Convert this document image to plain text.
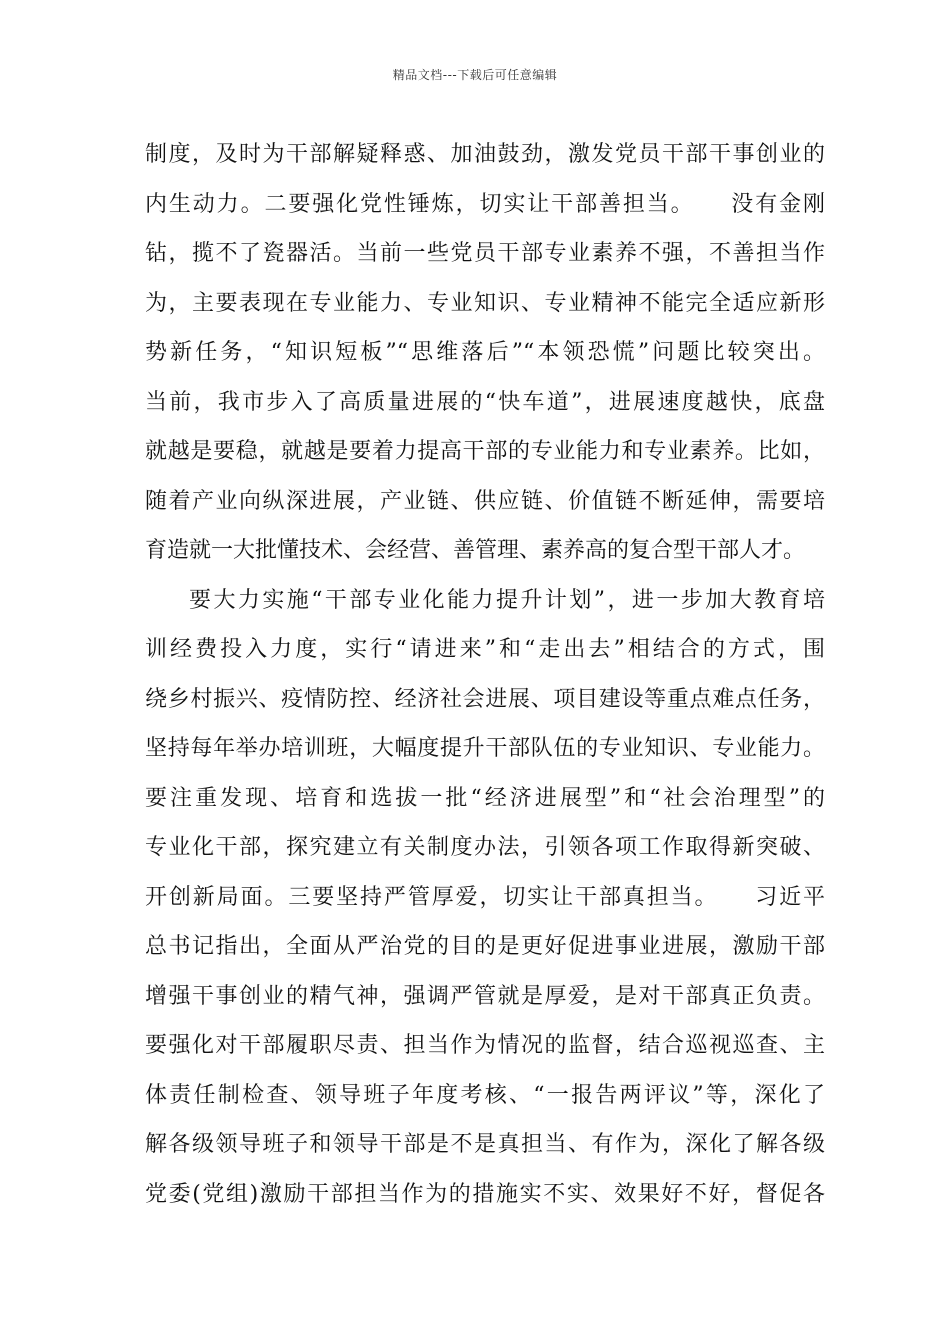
精品文档---下载后可任意编辑
制度，及时为干部解疑释惑、加油鼓劲，激发党员干部干事创业的
内生动力。二要强化党性锤炼，切实让干部善担当。　　没有金刚
钻，揽不了瓷器活。当前一些党员干部专业素养不强，不善担当作
为，主要表现在专业能力、专业知识、专业精神不能完全适应新形
势新任务，“知识短板”“思维落后”“本领恐慌”问题比较突出。
当前，我市步入了高质量进展的“快车道”，进展速度越快，底盘
就越是要稳，就越是要着力提高干部的专业能力和专业素养。比如，
随着产业向纵深进展，产业链、供应链、价值链不断延伸，需要培
育造就一大批懂技术、会经营、善管理、素养高的复合型干部人才。
要大力实施“干部专业化能力提升计划”，进一步加大教育培
训经费投入力度，实行“请进来”和“走出去”相结合的方式，围
绕乡村振兴、疫情防控、经济社会进展、项目建设等重点难点任务，
坚持每年举办培训班，大幅度提升干部队伍的专业知识、专业能力。
要注重发现、培育和选拔一批“经济进展型”和“社会治理型”的
专业化干部，探究建立有关制度办法，引领各项工作取得新突破、
开创新局面。三要坚持严管厚爱，切实让干部真担当。　　习近平
总书记指出，全面从严治党的目的是更好促进事业进展，激励干部
增强干事创业的精气神，强调严管就是厚爱，是对干部真正负责。
要强化对干部履职尽责、担当作为情况的监督，结合巡视巡查、主
体责任制检查、领导班子年度考核、“一报告两评议”等，深化了
解各级领导班子和领导干部是不是真担当、有作为，深化了解各级
党委(党组)激励干部担当作为的措施实不实、效果好不好，督促各
